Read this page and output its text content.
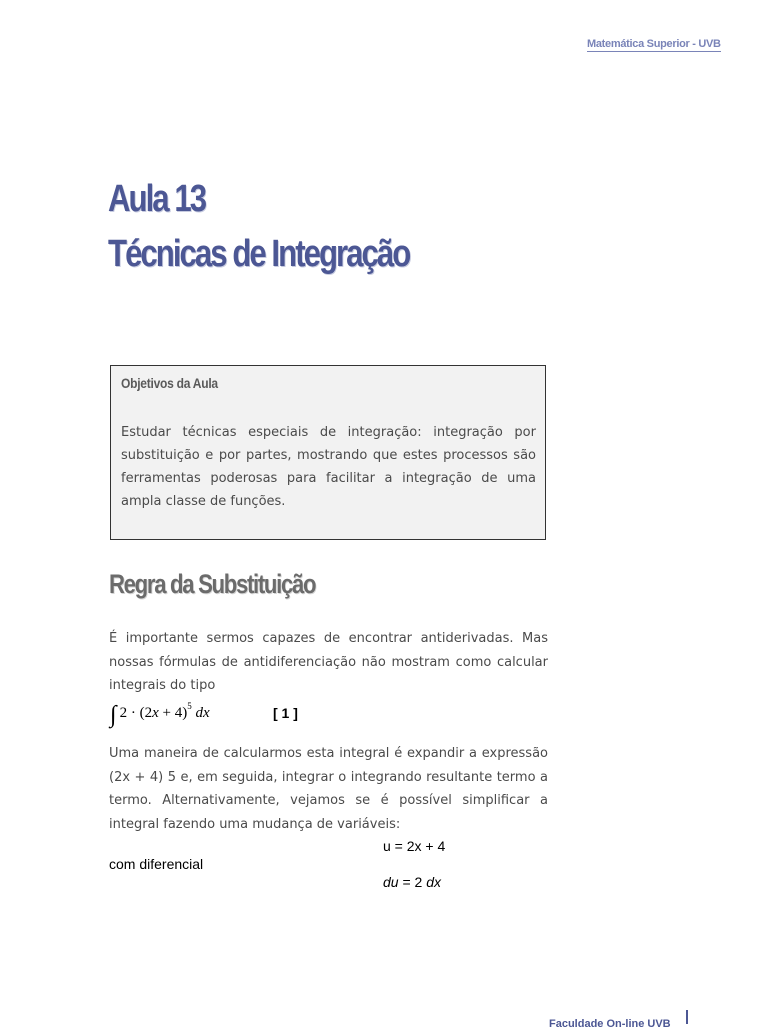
Matemática Superior - UVB
Aula 13
Técnicas de Integração
Objetivos da Aula
Estudar técnicas especiais de integração: integração por substituição e por partes, mostrando que estes processos são ferramentas poderosas para facilitar a integração de uma ampla classe de funções.
Regra da Substituição
É importante sermos capazes de encontrar antiderivadas. Mas nossas fórmulas de antidiferenciação não mostram como calcular integrais do tipo
∫ $2 \cdot (2x + 4)^5$ dx	[ 1 ]
Uma maneira de calcularmos esta integral é expandir a expressão (2x + 4) 5 e, em seguida, integrar o integrando resultante termo a termo. Alternativamente, vejamos se é possível simplificar a integral fazendo uma mudança de variáveis:
u = 2x + 4
com diferencial
du = 2 dx
Faculdade On-line UVB
